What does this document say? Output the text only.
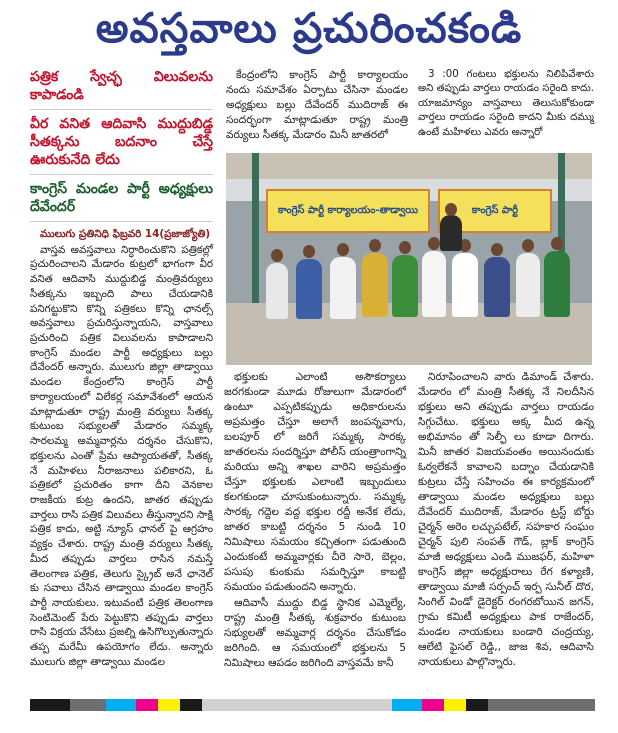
అవస్తవాలు ప్రచురించకండి
పత్రిక స్వేచ్ఛ విలువలను కాపాడండి
వీర వనిత ఆదివాసి ముద్దుబిడ్డ సీతక్కను బదనాం చేస్తే ఊరుకునేది లేదు
కాంగ్రెస్ మండల పార్టీ అధ్యక్షులు దేవేందర్

ములుగు ప్రతినిధి ఫిబ్రవరి 14(ప్రజాజ్యోతి)

వాస్తవ అవస్తవాలు నిర్ధారించుకొని పత్రికల్లో ప్రచురించాలని మేడారం కుట్రలో భాగంగా వీర వనిత ఆదివాసి ముద్దుబిడ్డ మంత్రివర్యులు సీతక్కను ఇబ్బంది పాలు చేయడానికి పనిగట్టుకొని కొన్ని పత్రికలు కొన్ని ఛానల్స్ అవస్తవాలు ప్రచురిస్తున్నాయని, వాస్తవాలు ప్రచురించి పత్రిక విలువలను కాపాడాలని కాంగ్రెస్ మండల పార్టీ అధ్యక్షులు బల్లు దేవేందర్ అన్నారు. ములుగు జిల్లా తాడ్వాయి మండల కేంద్రంలోని కాంగ్రెస్ పార్టీ కార్యాలయంలో విలేకర్ల సమావేశంలో ఆయన మాట్లాడుతూ రాష్ట్ర మంత్రి వర్యులు సీతక్క కుటుంబ సభ్యులతో మేడారం సమ్మక్క సారలమ్మ అమ్మవార్లను దర్శనం చేసుకొని, భక్తులను ఎంతో ప్రేమ ఆప్యాయతతో, సీతక్క నే మహిళలు నీరాజనాలు పలికారని, ఓ పత్రికలో ప్రచురితం కాగా దీని వెనకాల రాజకీయ కుట్ర ఉందని, జాతర తప్పుడు వార్తలు రాసి పత్రిక విలువలు తీస్తున్నారని సాక్షి పత్రిక కాదు, అట్టి న్యూస్ ఛానల్ పై ఆగ్రహం వ్యక్తం చేశారు. రాష్ట్ర మంత్రి వర్యులు సీతక్క మీద తప్పుడు వార్తలు రాసిన నమస్తే తెలంగాణ పత్రిక, తెలుగు స్క్రైబ్ అనే ఛానెల్ కు సవాలు చేసిన తాడ్వాయి మండల కాంగ్రెస్ పార్టీ నాయకులు. ఇటువంటి పత్రిక తెలంగాణ సెంటిమెంట్ పేరు పెట్టుకొని తప్పుడు వార్తలు రాసి విక్రయ వేసేటు ప్రజల్ని ఉసిగొల్పుతున్నారు తప్ప మరేమీ ఉపయోగం లేదు. అన్నారు ములుగు జిల్లా తాడ్వాయి మండల

కేంద్రంలోని కాంగ్రెస్ పార్టీ కార్యాలయం నందు సమావేశం ఏర్పాటు చేసినా మండల అధ్యక్షులు బల్లు దేవేందర్ ముదిరాజ్ ఈ సందర్భంగా మాట్లాడుతూ రాష్ట్ర మంత్రి వర్యులు సీతక్క మేడారం మినీ జాతరలో

3 :00 గంటలు భక్తులను నిలిపివేశారు అని తప్పుడు వార్తలు రాయడం సరైంది కాదు. యాజమాన్యం వాస్తవాలు తెలుసుకోకుండా వార్తలు రాయడం సరైంది కాదని మీకు దమ్ము ఉంటే మహిళలు ఎవరు అన్నారో

కాంగ్రెస్ పార్టీ కార్యాలయం-తాడ్వాయి	కాంగ్రెస్ పార్టీ

భక్తులకు ఎలాంటి అసౌకర్యాలు జరగకుండా మూడు రోజులుగా మేడారంలో ఉంటూ ఎప్పటికప్పుడు అధికారులను అప్రమత్తం చేస్తూ అలాగే జంపన్నవాగు, బలపూర్ లో జరిగే సమ్మక్క సారక్క జాతరలను సందర్శిస్తూ పోలీస్ యంత్రాంగాన్ని మరియు అన్ని శాఖల వారిని అప్రమత్తం చేస్తూ భక్తులకు ఎలాంటి ఇబ్బందులు కలగకుండా చూసుకుంటున్నారు. సమ్మక్క సారక్క గద్దెల వద్ద భక్తుల రద్దీ అనేక లేదు, జాతర కాబట్టి దర్శనం 5 నుండి 10 నిమిషాలు సమయం కచ్చితంగా పడుతుంది ఎందుకంటే అమ్మవార్లకు చీరె సారె, బెల్లం, పసుపు కుంకుమ సమర్పిస్తూ కాబట్టి సమయం పడుతుందని అన్నారు.

ఆదివాసీ ముద్దు బిడ్డ స్థానిక ఎమ్మెల్యే, రాష్ట్ర మంత్రి సీతక్క శుక్రవారం కుటుంబ సభ్యులతో అమ్మవార్ల దర్శనం చేసుకోడం జరిగింది. ఆ సమయంలో భక్తులను 5 నిమిషాలు ఆపడం జరిగింది వాస్తవమే కానీ

నిరూపించాలని వారు డిమాండ్ చేశారు. మేడారం లో మంత్రి సీతక్క నే నిలదీసిన భక్తులు అని తప్పుడు వార్తలు రాయడం సిగ్గుచేటు. భక్తులు అక్క మీద ఉన్న అభిమానం తో సెల్ఫీ లు కూడా దిగారు. మినీ జాతర విజయవంతం అయినందుకు ఓర్వలేకనే కావాలని బద్నాం చేయడానికి కుట్రలు చేస్తే సహించం ఈ కార్యక్రమంలో తాడ్వాయి మండల అధ్యక్షులు బల్లు దేవేందర్ ముదిరాజ్, మేడారం ట్రస్ట్ బోర్డు చైర్మన్ అరెం లచ్చుపటేల్, సహకార సంఘం చైర్మన్ పులి సంపత్ గౌడ్, బ్లాక్ కాంగ్రెస్ మాజీ అధ్యక్షులు ఎండి ముజఫర్, మహిళా కాంగ్రెస్ జిల్లా అధ్యక్షురాలు రేగ కళ్యాణి, తాడ్వాయి మాజీ సర్పంచ్ ఇర్ప సునీల్ దొర, సింగిల్ విండో డైరెక్టర్ రంగరబోయిన జగన్, గ్రామ కమిటీ అధ్యక్షులు పాక రాజేందర్, మండల నాయకులు బండారి చంద్రయ్య, ఆలేటి ఫైసల్ రెడ్డి,, జాజ శివ, ఆదివాసి నాయకులు పాల్గొన్నారు.
